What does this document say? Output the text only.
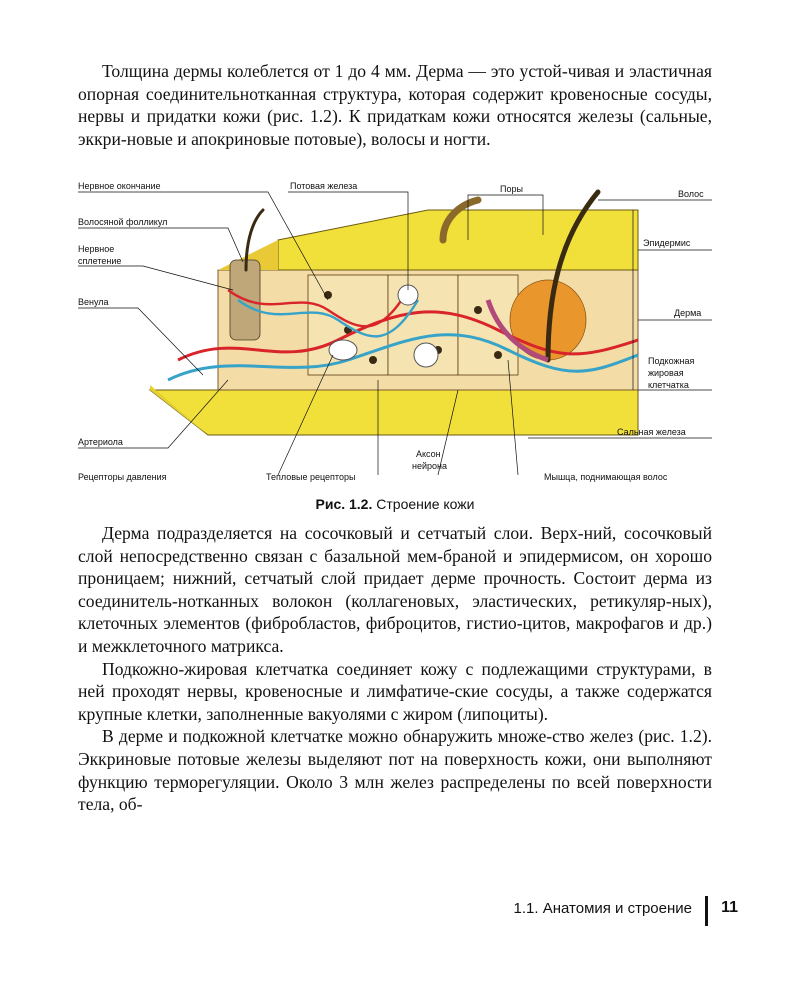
Толщина дермы колеблется от 1 до 4 мм. Дерма — это устой-чивая и эластичная опорная соединительнотканная структура, которая содержит кровеносные сосуды, нервы и придатки кожи (рис. 1.2). К придаткам кожи относятся железы (сальные, эккри-новые и апокриновые потовые), волосы и ногти.

Нервное окончание	Потовая железа	Поры	Волос
Волосяной фолликул
Нервное
сплетение
Эпидермис
Венула
Дерма
Подкожная
жировая
клетчатка
Артериола
Сальная железа
Аксон
нейрона
Рецепторы давления	Тепловые рецепторы	Мышца, поднимающая волос
Рис. 1.2. Строение кожи

Дерма подразделяется на сосочковый и сетчатый слои. Верх-ний, сосочковый слой непосредственно связан с базальной мем-браной и эпидермисом, он хорошо проницаем; нижний, сетчатый слой придает дерме прочность. Состоит дерма из соединитель-нотканных волокон (коллагеновых, эластических, ретикуляр-ных), клеточных элементов (фибробластов, фиброцитов, гистио-цитов, макрофагов и др.) и межклеточного матрикса.

Подкожно-жировая клетчатка соединяет кожу с подлежащими структурами, в ней проходят нервы, кровеносные и лимфатиче-ские сосуды, а также содержатся крупные клетки, заполненные вакуолями с жиром (липоциты).

В дерме и подкожной клетчатке можно обнаружить множе-ство желез (рис. 1.2). Эккриновые потовые железы выделяют пот на поверхность кожи, они выполняют функцию терморегуляции. Около 3 млн желез распределены по всей поверхности тела, об-

1.1. Анатомия и строение 11
